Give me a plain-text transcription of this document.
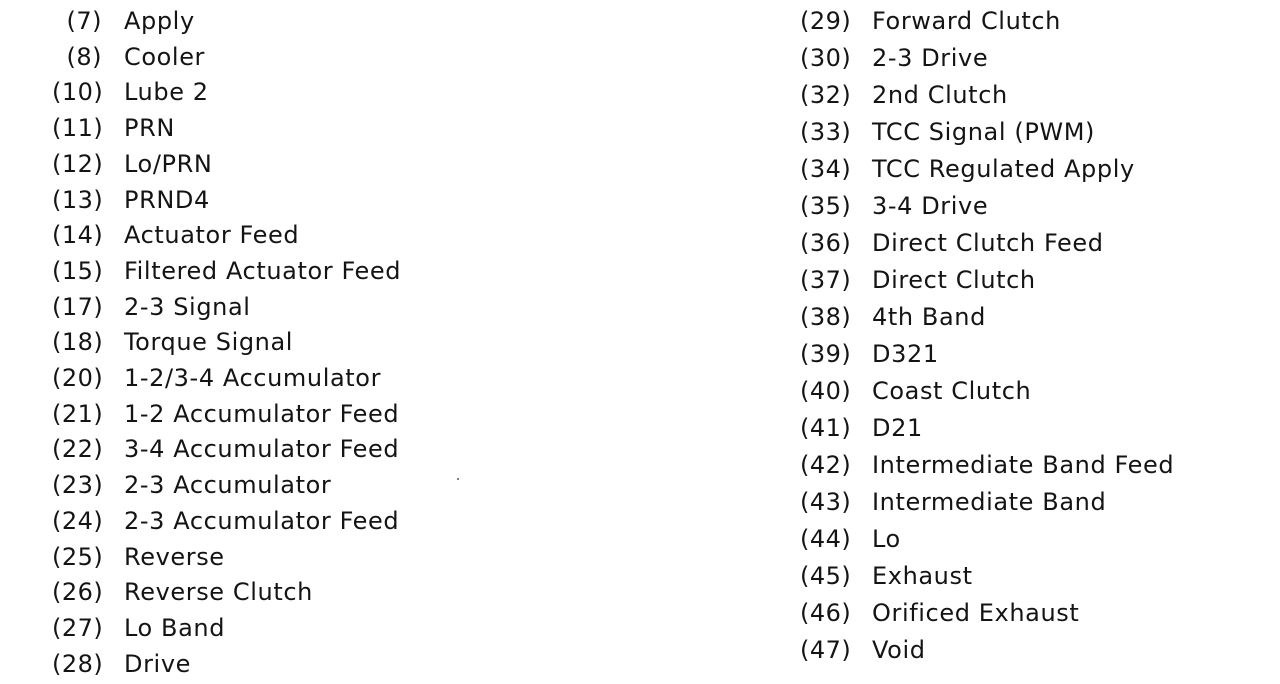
(7) Apply
(8) Cooler
(10) Lube 2
(11) PRN
(12) Lo/PRN
(13) PRND4
(14) Actuator Feed
(15) Filtered Actuator Feed
(17) 2-3 Signal
(18) Torque Signal
(20) 1-2/3-4 Accumulator
(21) 1-2 Accumulator Feed
(22) 3-4 Accumulator Feed
(23) 2-3 Accumulator
(24) 2-3 Accumulator Feed
(25) Reverse
(26) Reverse Clutch
(27) Lo Band
(28) Drive
(29) Forward Clutch
(30) 2-3 Drive
(32) 2nd Clutch
(33) TCC Signal (PWM)
(34) TCC Regulated Apply
(35) 3-4 Drive
(36) Direct Clutch Feed
(37) Direct Clutch
(38) 4th Band
(39) D321
(40) Coast Clutch
(41) D21
(42) Intermediate Band Feed
(43) Intermediate Band
(44) Lo
(45) Exhaust
(46) Orificed Exhaust
(47) Void
